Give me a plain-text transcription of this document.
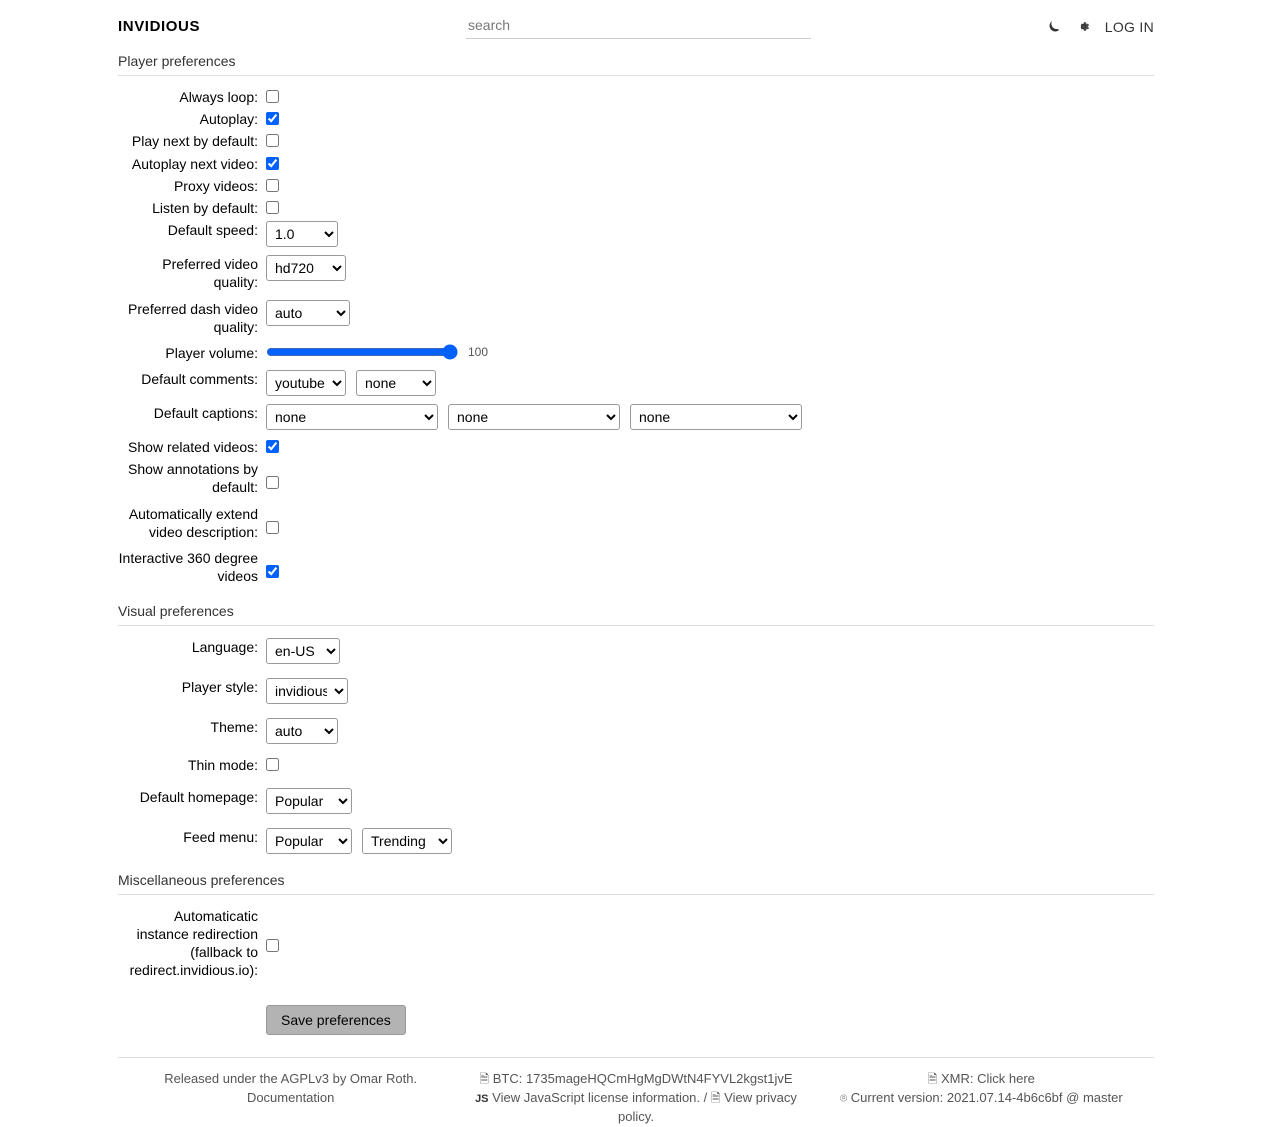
INVIDIOUS
search	LOG IN
Player preferences
Always loop:
Autoplay:
Play next by default:
Autoplay next video:
Proxy videos:
Listen by default:
Default speed:
1.0
Preferred video quality:
hd720
Preferred dash video quality:
auto
Player volume:	100
Default comments:
youtube
none
Default captions:
none
none
none
Show related videos:
Show annotations by default:
Automatically extend video description:
Interactive 360 degree videos
Visual preferences
Language:
en-US
Player style:
invidious
Theme:
auto
Thin mode:
Default homepage:
Popular
Feed menu:
Popular
Trending
Miscellaneous preferences
Automaticatic instance redirection (fallback to redirect.invidious.io):
Save preferences
Released under the AGPLv3 by Omar Roth.
Documentation
🗎 BTC: 1735mageHQCmHgMgDWtN4FYVL2kgst1jvE
JS View JavaScript license information. / 🗎 View privacy policy.
🗎 XMR: Click here
⌾ Current version: 2021.07.14-4b6c6bf @ master
